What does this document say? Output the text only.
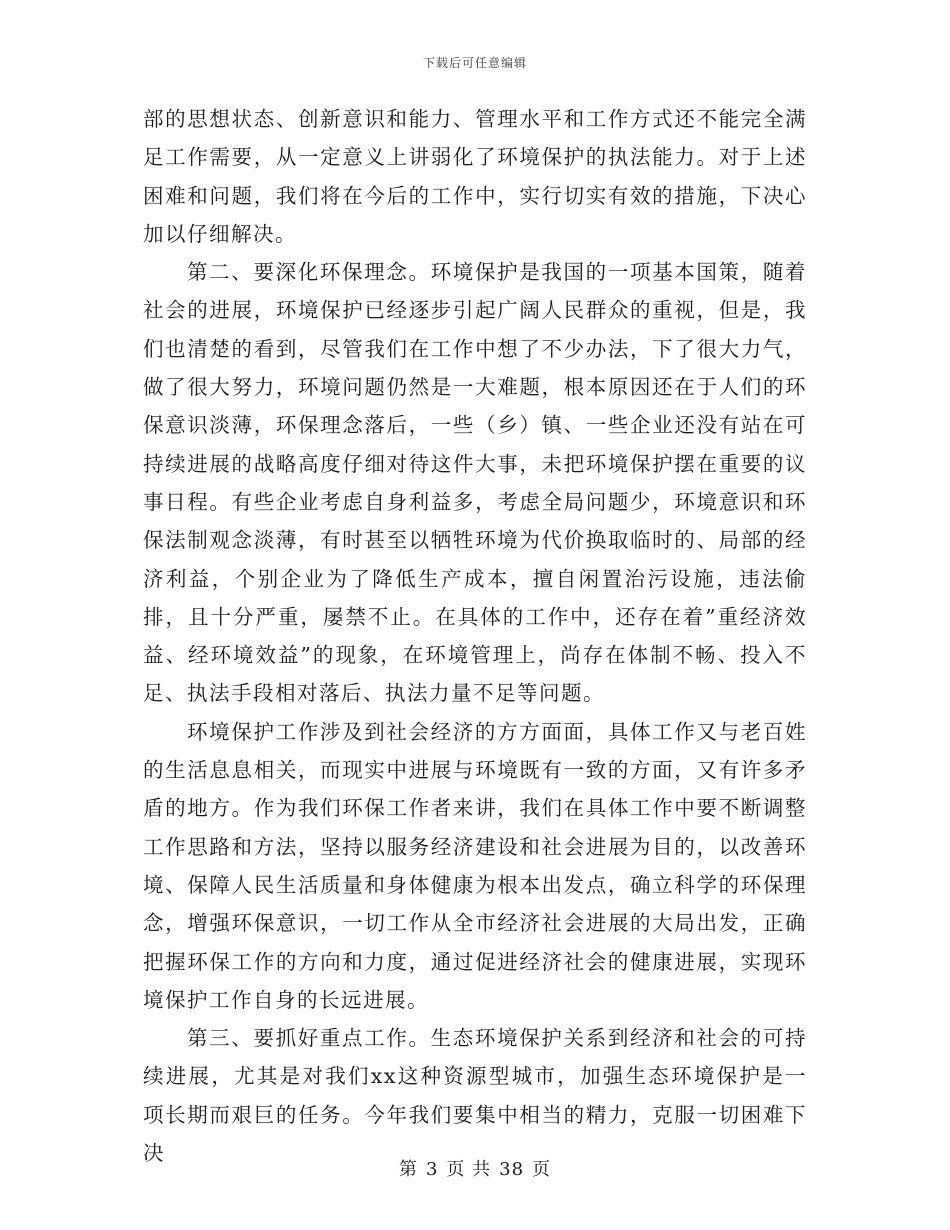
下载后可任意编辑

部的思想状态、创新意识和能力、管理水平和工作方式还不能完全满足工作需要，从一定意义上讲弱化了环境保护的执法能力。对于上述困难和问题，我们将在今后的工作中，实行切实有效的措施，下决心加以仔细解决。

第二、要深化环保理念。环境保护是我国的一项基本国策，随着社会的进展，环境保护已经逐步引起广阔人民群众的重视，但是，我们也清楚的看到，尽管我们在工作中想了不少办法，下了很大力气，做了很大努力，环境问题仍然是一大难题，根本原因还在于人们的环保意识淡薄，环保理念落后，一些（乡）镇、一些企业还没有站在可持续进展的战略高度仔细对待这件大事，未把环境保护摆在重要的议事日程。有些企业考虑自身利益多，考虑全局问题少，环境意识和环保法制观念淡薄，有时甚至以牺牲环境为代价换取临时的、局部的经济利益，个别企业为了降低生产成本，擅自闲置治污设施，违法偷排，且十分严重，屡禁不止。在具体的工作中，还存在着”重经济效益、经环境效益”的现象，在环境管理上，尚存在体制不畅、投入不足、执法手段相对落后、执法力量不足等问题。

环境保护工作涉及到社会经济的方方面面，具体工作又与老百姓的生活息息相关，而现实中进展与环境既有一致的方面，又有许多矛盾的地方。作为我们环保工作者来讲，我们在具体工作中要不断调整工作思路和方法，坚持以服务经济建设和社会进展为目的，以改善环境、保障人民生活质量和身体健康为根本出发点，确立科学的环保理念，增强环保意识，一切工作从全市经济社会进展的大局出发，正确把握环保工作的方向和力度，通过促进经济社会的健康进展，实现环境保护工作自身的长远进展。

第三、要抓好重点工作。生态环境保护关系到经济和社会的可持续进展，尤其是对我们xx这种资源型城市，加强生态环境保护是一项长期而艰巨的任务。今年我们要集中相当的精力，克服一切困难下决

第 3 页 共 38 页
